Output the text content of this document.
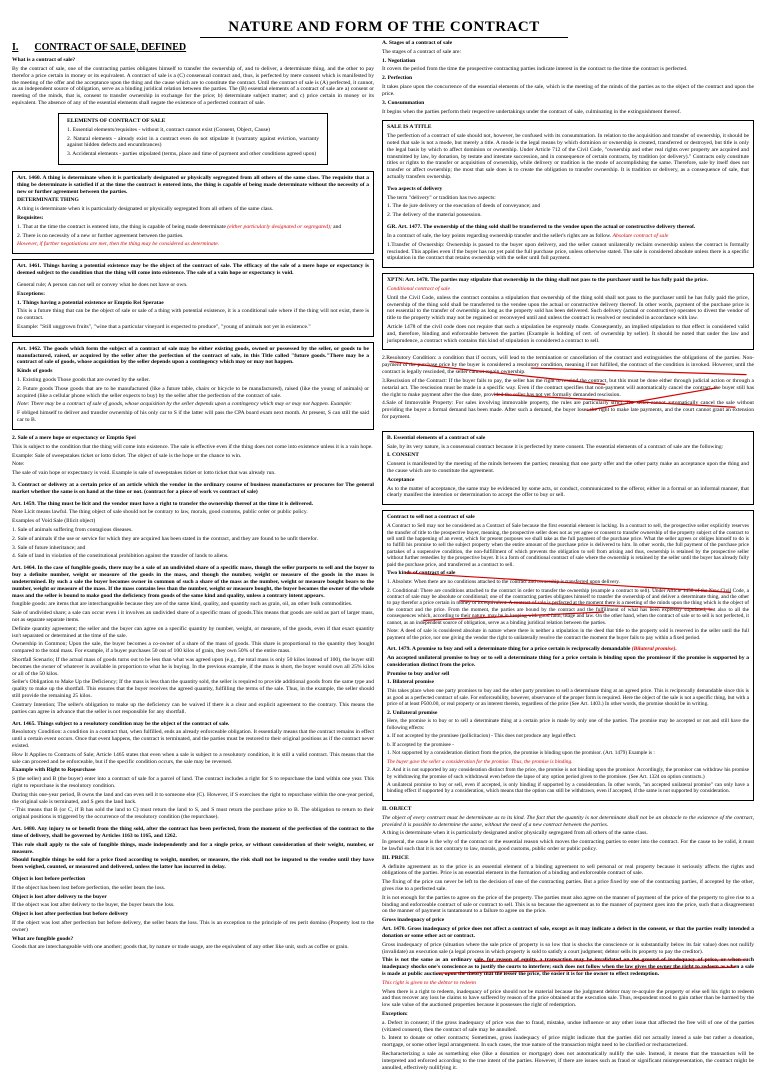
NATURE AND FORM OF THE CONTRACT
I. CONTRACT OF SALE, DEFINED

What is a contract of sale?

By the contract of sale, one of the contracting parties obligates himself to transfer the ownership of, and to deliver, a determinate thing, and the other to pay therefor a price certain in money or its equivalent. A contract of sale is a (C) consensual contract and, thus, is perfected by mere consent which is manifested by the meeting of the offer and the acceptance upon the thing and the cause which are to constitute the contract. Until the contract of sale is (A) perfected, it cannot, as an independent source of obligation, serve as a binding juridical relation between the parties. The (B) essential elements of a contract of sale are a) consent or meeting of the minds, that is, consent to transfer ownership in exchange for the price; b) determinate subject matter; and c) price certain in money or its equivalent. The absence of any of the essential elements shall negate the existence of a perfected contract of sale.

ELEMENTS OF CONTRACT OF SALE

1. Essential elements/requisites - without it, contract cannot exist (Consent, Object, Cause)

2. Natural elements - already exist in a contract even do not stipulate it (warranty against eviction, warranty against hidden defects and encumbrances)

3. Accidental elements - parties stipulated (terms, place and time of payment and other conditions agreed upon)

Art. 1460. A thing is determinate when it is particularly designated or physically segregated from all others of the same class. The requisite that a thing be determinate is satisfied if at the time the contract is entered into, the thing is capable of being made determinate without the necessity of a new or further agreement between the parties.

DETERMINATE THING

A thing is determinate when it is particularly designated or physically segregated from all others of the same class.

Requisites:

1. That at the time the contract is entered into, the thing is capable of being made determinate (either particularly designated or segregated); and

2. There is no necessity of a new or further agreement between the parties.

However, if further negotiations are met, then the thing may be considered as determinate.

Art. 1461. Things having a potential existence may be the object of the contract of sale. The efficacy of the sale of a mere hope or expectancy is deemed subject to the condition that the thing will come into existence. The sale of a vain hope or expectancy is void.

General rule; A person can not sell or convey what he does not have or own.

Exceptions:

1. Things having a potential existence or Emptio Rei Speratae

This is a future thing that can be the object of sale or sale of a thing with potential existence, it is a conditional sale where if the thing will not exist, there is no contract.

Example: "Still unggrown fruits", "wine that a particular vineyard is expected to produce", "young of animals not yet in existence."

Art. 1462. The goods which form the subject of a contract of sale may be either existing goods, owned or possessed by the seller, or goods to be manufactured, raised, or acquired by the seller after the perfection of the contract of sale, in this Title called "future goods."There may be a contract of sale of goods, whose acquisition by the seller depends upon a contingency which may or may not happen.

Kinds of goods

1. Existing goods Those goods that are owned by the seller.

2. Future goods Those goods that are to be manufactured (like a future table, chairs or bicycle to be manufactured), raised (like the young of animals) or acquired (like a cellular phone which the seller expects to buy) by the seller after the perfection of the contract of sale.

Note: There may be a contract of sale of goods, whose acquisition by the seller depends upon a contingency which may or may not happen. Example:

F obliged himself to deliver and transfer ownership of his only car to S if the latter will pass the CPA board exam next month. At present, S can still the said car to B.

2. Sale of a mere hope or expectancy or Emptio Spei

This is subject to the condition that the thing will come into existence. The sale is effective even if the thing does not come into existence unless it is a vain hope.

Example: Sale of sweepstakes ticket or lotto ticket. The object of sale is the hope or the chance to win.

Note:

The sale of vain hope or expectancy is void. Example is sale of sweepstakes ticket or lotto ticket that was already run.

3. Contract or delivery at a certain price of an article which the vendor in the ordinary course of business manufactures or procures for The general market whether the same is on hand at the time or not. (contract for a piece of work vs contract of sale)

Art. 1459. The thing must be licit and the vendor must have a right to transfer the ownership thereof at the time it is delivered.

Note Licit means lawful. The thing object of sale should not be contrary to law, morals, good customs, public order or public policy.

Examples of Void Sale (Illicit object)

1. Sale of animals suffering from contagious diseases.

2. Sale of animals if the use or service for which they are acquired has been stated in the contract, and they are found to be unfit therefor.

3. Sale of future inheritance; and

4. Sale of land in violation of the constitutional prohibition against the transfer of lands to aliens.

Art. 1464. In the case of fungible goods, there may be a sale of an undivided share of a specific mass, though the seller purports to sell and the buyer to buy a definite number, weight or measure of the goods in the mass, and though the number, weight or measure of the goods in the mass is undetermined. By such a sale the buyer becomes owner in common of such a share of the mass as the number, weight or measure bought bears to the number, weight or measure of the mass. If the mass contains less than the number, weight or measure bought, the buyer becomes the owner of the whole mass and the seller is bound to make good the deficiency from goods of the same kind and quality, unless a contrary intent appears.

fungible goods: are items that are interchangeable because they are of the same kind, quality, and quantity such as grain, oil, an other bulk commodities.

Sale of undivided share; a sale can occur even i it involves an undivided share of a specific mass of goods.This means that goods are sold as part of larger mass, not as separate separate items.

Definite quantity agreement; the seller and the buyer can agree on a specific quantity by number, weight, or measure, of the goods, even if that exact quantity isn't separated or determined at the time of the sale.

Ownership in Common; Upon the sale, the buyer becomes a co-owner of a share of the mass of goods. This share is proportional to the quantity they bought compared to the total mass. For example, if a buyer purchases 50 out of 100 kilos of grain, they own 50% of the entire mass.

Shortfall Scenario; If the actual mass of goods turns out to be less than what was agreed upon (e.g., the total mass is only 50 kilos instead of 100), the buyer still becomes the owner of whatever is available in proportion to what he is buying. In the previous example, if the mass is short, the buyer would own all 25% kilos or all of the 50 kilos.

Seller's Obligation to Make Up the Deficiency; If the mass is less than the quantity sold, the seller is required to provide additional goods from the same type and quality to make up the shortfall. This ensures that the buyer receives the agreed quantity, fulfilling the terms of the sale. Thus, in the example, the seller should still provide the remaining 25 kilos.

Contrary Intention; The seller's obligation to make up the deficiency can be waived if there is a clear and explicit agreement to the contrary. This means the parties can agree in advance that the seller is not responsible for any shortfall.

Art. 1465. Things subject to a resolutory condition may be the object of the contract of sale.

Resolutory Condition: a condition in a contract that, when fulfilled, ends an already enforceable obligation. It essentially means that the contract remains in effect until a certain event occurs. Once that event happens, the contract is terminated, and the parties must be restored to their original positions as if the contract never existed.

How It Applies to Contracts of Sale; Article 1465 states that even when a sale is subject to a resolutory condition, it is still a valid contract. This means that the sale can proceed and be enforceable, but if the specific condition occurs, the sale may be reversed.

Example with Right to Repurchase

S (the seller) and B (the buyer) enter into a contract of sale for a parcel of land. The contract includes a right for S to repurchase the land within one year. This right to repurchase is the resolutory condition.

During this one-year period, B owns the land and can even sell it to someone else (C). However, if S exercises the right to repurchase within the one-year period, the original sale is terminated, and S gets the land back.

- This means that B (or C, if B has sold the land to C) must return the land to S, and S must return the purchase price to B. The obligation to return to their original positions is triggered by the occurrence of the resolutory condition (the repurchase).

Art. 1480. Any injury to or benefit from the thing sold, after the contract has been perfected, from the moment of the perfection of the contract to the time of delivery, shall be governed by Articles 1163 to 1165, and 1262.

This rule shall apply to the sale of fungible things, made independently and for a single price, or without consideration of their weight, number, or measure.

Should fungible things be sold for a price fixed according to weight, number, or measure, the risk shall not be imputed to the vendee until they have been weighed, counted, or measured and delivered, unless the latter has incurred in delay.

Object is lost before perfection

If the object has been lost before perfection, the seller bears the loss.

Object is lost after delivery to the buyer

If the object was lost after delivery to the buyer, the buyer bears the loss.

Object is lost after perfection but before delivery

If the object was lost after perfection but before delivery, the seller bears the loss. This is an exception to the principle of res perit domino (Property lost to the owner)

What are fungible goods?

Goods that are interchangeable with one another; goods that, by nature or trade usage, are the equivalent of any other like unit, such as coffee or grain.

A. Stages of a contract of sale

The stages of a contract of sale are:

1. Negotiation

It covers the period from the time the prospective contracting parties indicate interest in the contract to the time the contract is perfected.

2. Perfection

It takes place upon the concurrence of the essential elements of the sale, which is the meeting of the minds of the parties as to the object of the contract and upon the price.

3. Consummation

It begins when the parties perform their respective undertakings under the contract of sale, culminating in the extinguishment thereof.

SALE IS A TITLE

The perfection of a contract of sale should not, however, be confused with its consummation. In relation to the acquisition and transfer of ownership, it should be noted that sale is not a mode, but merely a title. A mode is the legal means by which dominion or ownership is created, transferred or destroyed, but title is only the legal basis by which to affect dominion or ownership. Under Article 712 of the Civil Code, "ownership and other real rights over property are acquired and transmitted by law, by donation, by testate and intestate succession, and in consequence of certain contracts, by tradition (or delivery)." Contracts only constitute titles or rights to the transfer or acquisition of ownership, while delivery or tradition is the mode of accomplishing the same. Therefore, sale by itself does not transfer or affect ownership; the most that sale does is to create the obligation to transfer ownership. It is tradition or delivery, as a consequence of sale, that actually transfers ownership.

Two aspects of delivery

The term "delivery" or tradition has two aspects:

1. The de jure delivery or the execution of deeds of conveyance; and

2. The delivery of the material possession.

GR. Art. 1477. The ownership of the thing sold shall be transferred to the vendee upon the actual or constructive delivery thereof.

In a contract of sale, the key points regarding ownership transfer and the seller's rights are as follow. Absolute contract of sale

1.Transfer of Ownership: Ownership is passed to the buyer upon delivery, and the seller cannot unilaterally reclaim ownership unless the contract is formally rescinded. This applies even if the buyer has not yet paid the full purchase price, unless otherwise stated. The sale is considered absolute unless there is a specific stipulation in the contract that retains ownership with the seller until full payment.

XPTN: Art. 1478. The parties may stipulate that ownership in the thing shall not pass to the purchaser until he has fully paid the price.

Conditional contract of sale

Until the Civil Code, unless the contract contains a stipulation that ownership of the thing sold shall not pass to the purchaser until he has fully paid the price, ownership of the thing sold shall be transferred to the vendee upon the actual or constructive delivery thereof. In other words, payment of the purchase price is not essential to the transfer of ownership as long as the property sold has been delivered. Such delivery (actual or constructive) operates to divest the vendor of title to the property which may not be regained or reconveyed until and unless the contract is resolved or rescinded in accordance with law.

Article 1478 of the civil code does not require that such a stipulation be expressly made. Consequently, an implied stipulation to that effect is considered valid and, therefore, binding and enforceable between the parties (Example is holding of cert. of ownership by seller). It should be noted that under the law and jurisprudence, a contract which contains this kind of stipulation is considered a contract to sell.

2.Resolutory Condition: a condition that if occurs, will lead to the termination or cancellation of the contract and extinguishes the obligations of the parties. Non-payment of the purchase price by the buyer is considered a resolutory condition, meaning if not fulfilled, the contract of the condition is invoked. However, until the contract is legally rescinded, the seller cannot regain ownership.

3.Rescission of the Contract: If the buyer fails to pay, the seller has the right to rescind the contract, but this must be done either through judicial action or through a notarial act. The rescission must be made in a specific way. Even if the contract specifies that non-payment will automatically cancel the contract, the buyer still has the right to make payment after the due date, provided the seller has not yet formally demanded rescission.

4.Sale of Immovable Property: For sales involving immovable property, the rules are particularly strict. The seller cannot automatically cancel the sale without providing the buyer a formal demand has been made. After such a demand, the buyer loses the right to make late payments, and the court cannot grant an extension for payment.

B. Essential elements of a contract of sale

Sale, by its very nature, is a consensual contract because it is perfected by mere consent. The essential elements of a contract of sale are the following:

I. CONSENT

Consent is manifested by the meeting of the minds between the parties; meaning that one party offer and the other party make an acceptance upon the thing and the cause which are to constitute the agreement.

Acceptance

As to the matter of acceptance, the same may be evidenced by some acts, or conduct, communicated to the offeror, either in a formal or an informal manner, that clearly manifest the intention or determination to accept the offer to buy or sell.

Contract to sell not a contract of sale

A Contract to Sell may not be considered as a Contract of Sale because the first essential element is lacking. In a contract to sell, the prospective seller explicitly reserves the transfer of title to the prospective buyer, meaning, the prospective seller does not as yet agree or consent to transfer ownership of the property subject of the contract to sell until the happening of an event, which for present purposes we shall take as the full payment of the purchase price. What the seller agrees or obliges himself to do is to fulfill his promise to sell the subject property when the entire amount of the purchase price is delivered to him. In other words, the full payment of the purchase price partakes of a suspensive condition, the non-fulfillment of which prevents the obligation to sell from arising and thus, ownership is retained by the prospective seller without further remedies by the prospective buyer. It is a form of conditional contract of sale where the ownership is retained by the seller until the buyer has already fully paid the purchase price, and transferred as a contract to sell.

Two kinds of contract of sale

1. Absolute: When there are no conditions attached to the contract and ownership is transferred upon delivery.

2. Conditional: There are conditions attached to the contract in order to transfer the ownership (example a contract to sell). Under Article 1458 of the New Civil Code, a contract of sale may be absolute or conditional; one of the contracting parties obligates himself to transfer the ownership of and deliver a determinate thing, and the other to pay therefor a price certain in money or its equivalent. A contract of sale is perfected at the moment there is a meeting of the minds upon the thing which is the object of the contract and the price. From the moment, the parties are bound by the contract and the fulfillment of what has been expressly stipulated, but also to all the consequences which, according to their nature, may be in keeping with good faith, usage and law. On the other hand, when the contract of sale or to sell is not perfected, it cannot, as an independent source of obligation, serve as a binding juridical relation between the parties.

Note: A deed of sale is considered absolute in nature where there is neither a stipulation in the deed that title to the property sold is reserved in the seller until the full payment of the price, nor one giving the vendor the right to unilaterally resolve the contract the moment the buyer fails to pay within a fixed period.

Art. 1479. A promise to buy and sell a determinate thing for a price certain is reciprocally demandable (Bilateral promise).

An accepted unilateral promise to buy or to sell a determinate thing for a price certain is binding upon the promissor if the promise is supported by a consideration distinct from the price.

Promise to buy and/or sell

1. Bilateral promise

This takes place when one party promises to buy and the other party promises to sell a determinate thing at an agreed price. This is reciprocally demandable since this is as good as a perfected contract of sale. For enforceability, however, observance of the proper form is required. Here the object of the sale is not a specific thing, but with a price of at least P500.00, or real property or an interest therein, regardless of the price (See Art. 1403.) In other words, the promise should be in writing.

2. Unilateral promise

Here, the promise is to buy or to sell a determinate thing at a certain price is made by only one of the parties. The promise may be accepted or not and still have the following effects:

a. If not accepted by the promisee (pollicitacion) - This does not produce any legal effect.

b. If accepted by the promisee -

1. Not supported by a consideration distinct from the price, the promise is binding upon the promisor. (Art. 1479) Example is :

The buyer gave the seller a consideration for the promise. Thus, the promise is binding.

2. And it is not supported by any consideration distinct from the price, the promise is not binding upon the promisor. Accordingly, the promisor can withdraw his promise by withdrawing the promise of such withdrawal even before the lapse of any option period given to the promisee. (See Art. 1324 on option contracts.)

A unilateral promise to buy or sell, even if accepted, is only binding if supported by a consideration. In other words, "an accepted unilateral promise" can only have a binding effect if supported by a consideration, which means that the option can still be withdrawn, even if accepted, if the same is not supported by consideration.

II. OBJECT

The object of every contract must be determinate as to its kind. The fact that the quantity is not determinate shall not be an obstacle to the existence of the contract, provided it is possible to determine the same, without the need of a new contract between the parties.

A thing is determinate when it is particularly designated and/or physically segregated from all others of the same class.

In general, the cause is the why of the contract or the essential reason which moves the contracting parties to enter into the contract. For the cause to be valid, it must be lawful such that it is not contrary to law, morals, good customs, public order or public policy.

III. PRICE

A definite agreement as to the price is an essential element of a binding agreement to sell personal or real property because it seriously affects the rights and obligations of the parties. Price is an essential element in the formation of a binding and enforceable contract of sale.

The fixing of the price can never be left to the decision of one of the contracting parties. But a price fixed by one of the contracting parties, if accepted by the other, gives rise to a perfected sale.

It is not enough for the parties to agree on the price of the property. The parties must also agree on the manner of payment of the price of the property to give rise to a binding and enforceable contract of sale or contract to sell. This is so because the agreement as to the manner of payment goes into the price, such that a disagreement on the manner of payment is tantamount to a failure to agree on the price.

Gross inadequacy of price

Art. 1470. Gross inadequacy of price does not affect a contract of sale, except as it may indicate a defect in the consent, or that the parties really intended a donation or some other act or contract.

Gross inadequacy of price (situation where the sale price of property is so low that is shocks the conscience or is substantially below its fair value) does not nullify (invalidate) an execution sale (a legal process in which property is sold to satisfy a court judgment; debtor sells its property to pay the creditor).

This is not the same as an ordinary sale, for reason of equity, a transaction may be invalidated on the ground of inadequacy of price, or when such inadequacy shocks one's conscience as to justify the courts to interfere; such does not follow when the law gives the owner the right to redeem as when a sale is made at public auction, upon the theory that the lesser the price, the easier it is for the owner to effect redemption.

This right is given to the debtor to redeem

When there is a right to redeem, inadequacy of price should not be material because the judgment debtor may re-acquire the property or else sell his right to redeem and thus recover any loss he claims to have suffered by reason of the price obtained at the execution sale. Thus, respondent stood to gain rather than be harmed by the low sale value of the auctioned properties because it possesses the right of redemption.

Exception:

a. Defect in consent; if the gross inadequacy of price was due to fraud, mistake, undue influence or any other issue that affected the free will of one of the parties (vitiated consent), then the contract of sale may be annulled.

b. Intent to donate or other contracts; Sometimes, gross inadequacy of price might indicate that the parties did not actually intend a sale but rather a donation, mortgage, or some other legal arrangement. In such cases, the true nature of the transaction might need to be clarified or recharacterized.

Recharacterizing a sale as something else (like a donation or mortgage) does not automatically nullify the sale. Instead, it means that the transaction will be interpreted and enforced according to the true intent of the parties. However, if there are issues such as fraud or significant misrepresentation, the contract might be annulled, effectively nullifying it.
